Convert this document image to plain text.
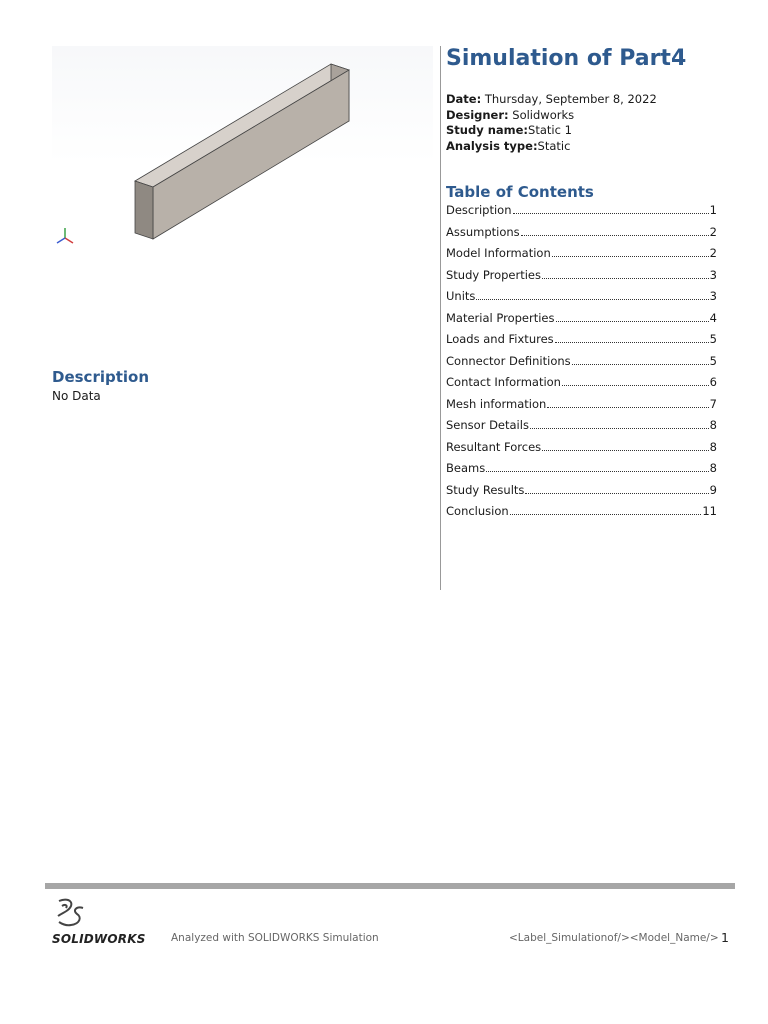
Description
No Data
Simulation of Part4
Date: Thursday, September 8, 2022
Designer: Solidworks
Study name:Static 1
Analysis type:Static
Table of Contents
Description	1
Assumptions	2
Model Information	2
Study Properties	3
Units	3
Material Properties	4
Loads and Fixtures	5
Connector Definitions	5
Contact Information	6
Mesh information	7
Sensor Details	8
Resultant Forces	8
Beams	8
Study Results	9
Conclusion	11
SOLIDWORKS Analyzed with SOLIDWORKS Simulation	<Label_Simulationof/><Model_Name/> 1
